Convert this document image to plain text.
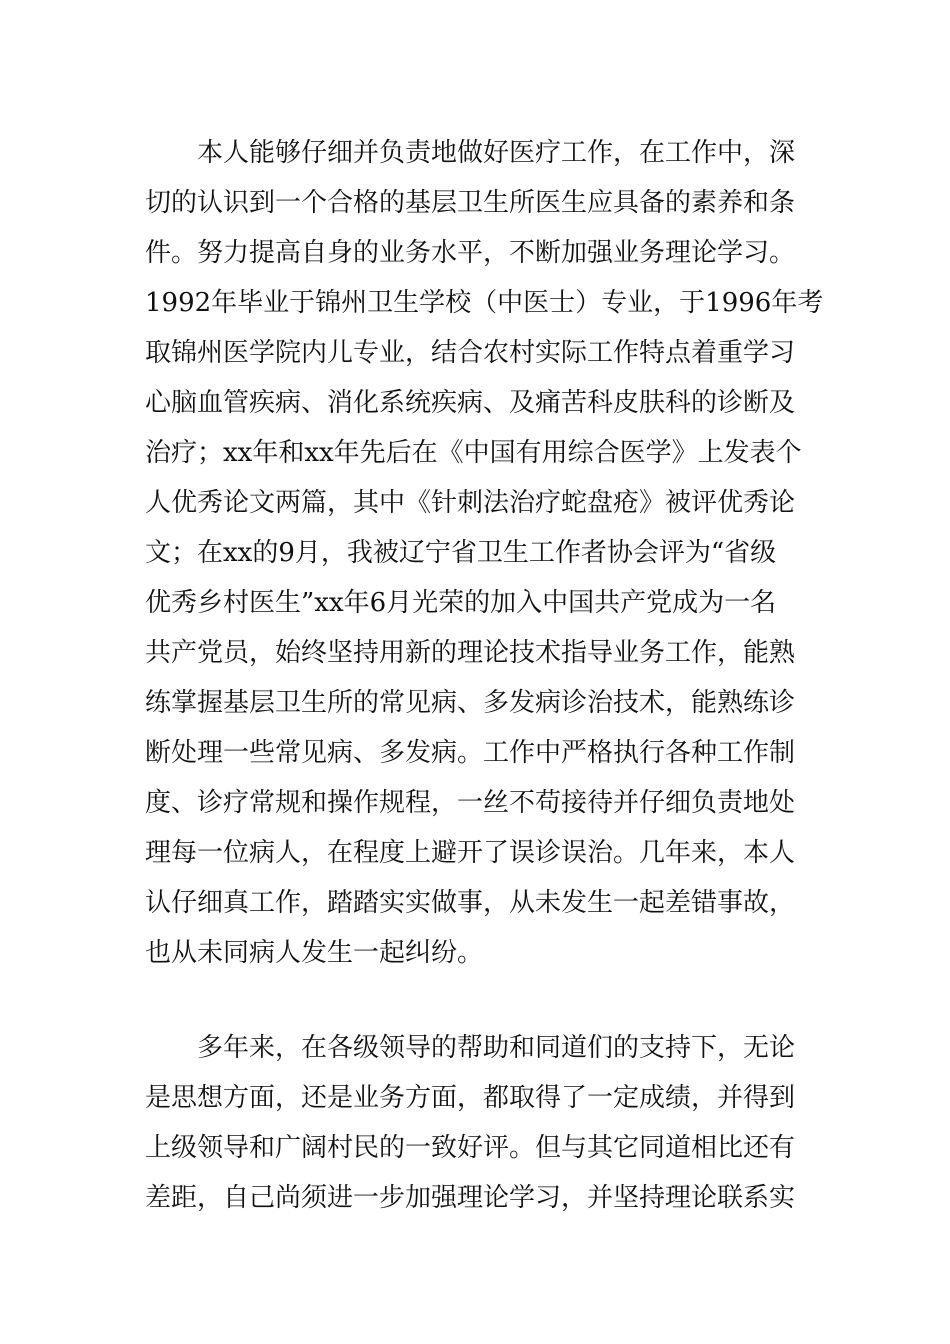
　　本人能够仔细并负责地做好医疗工作，在工作中，深
切的认识到一个合格的基层卫生所医生应具备的素养和条
件。努力提高自身的业务水平，不断加强业务理论学习。
1992年毕业于锦州卫生学校（中医士）专业，于1996年考
取锦州医学院内儿专业，结合农村实际工作特点着重学习
心脑血管疾病、消化系统疾病、及痛苦科皮肤科的诊断及
治疗；xx年和xx年先后在《中国有用综合医学》上发表个
人优秀论文两篇，其中《针刺法治疗蛇盘疮》被评优秀论
文；在xx的9月，我被辽宁省卫生工作者协会评为“省级
优秀乡村医生”xx年6月光荣的加入中国共产党成为一名
共产党员，始终坚持用新的理论技术指导业务工作，能熟
练掌握基层卫生所的常见病、多发病诊治技术，能熟练诊
断处理一些常见病、多发病。工作中严格执行各种工作制
度、诊疗常规和操作规程，一丝不苟接待并仔细负责地处
理每一位病人，在程度上避开了误诊误治。几年来，本人
认仔细真工作，踏踏实实做事，从未发生一起差错事故，
也从未同病人发生一起纠纷。
　　多年来，在各级领导的帮助和同道们的支持下，无论
是思想方面，还是业务方面，都取得了一定成绩，并得到
上级领导和广阔村民的一致好评。但与其它同道相比还有
差距，自己尚须进一步加强理论学习，并坚持理论联系实
